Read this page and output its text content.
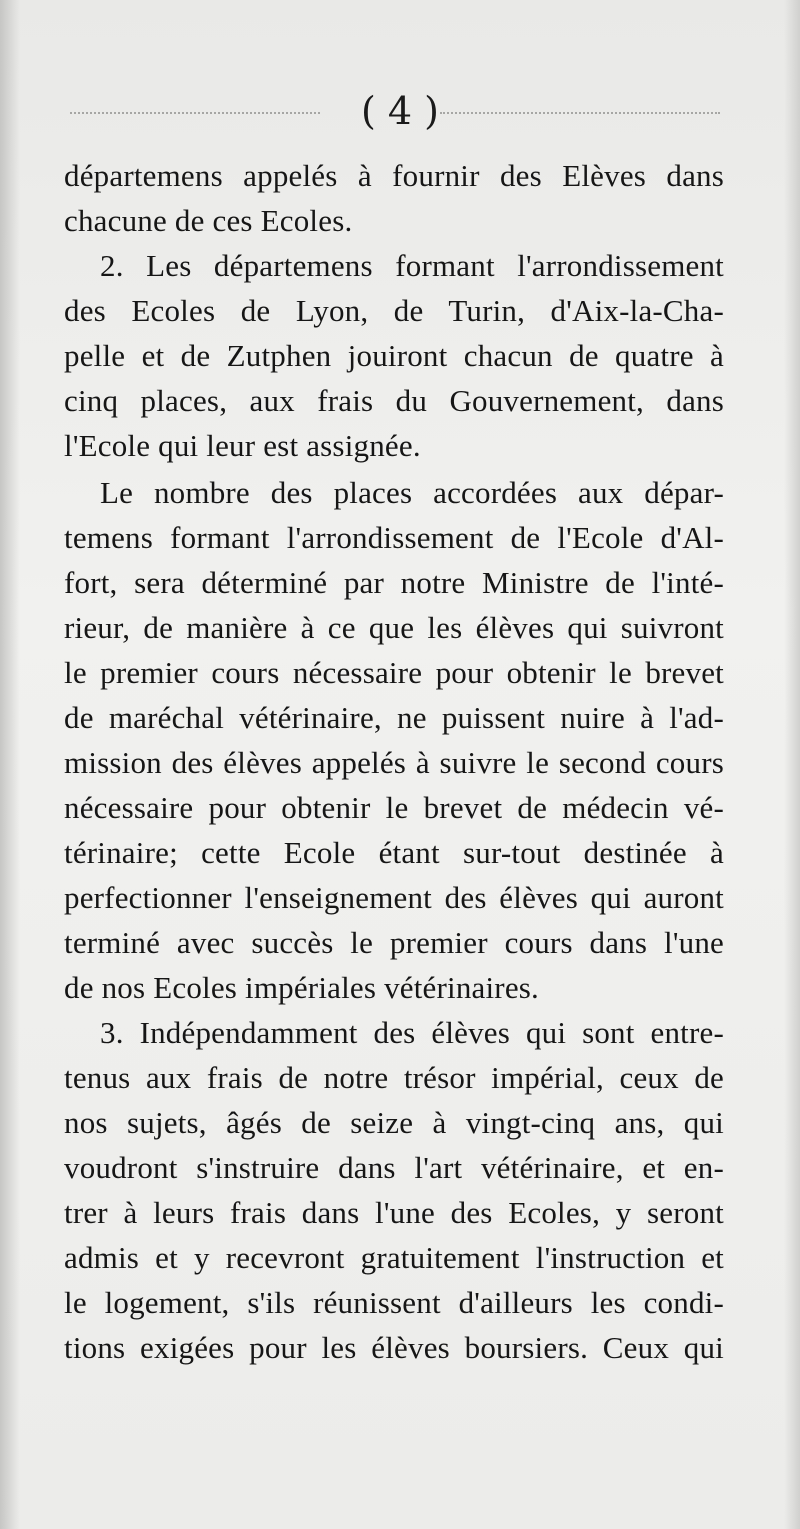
( 4 )
départemens appelés à fournir des Elèves dans
chacune de ces Ecoles.
2. Les départemens formant l'arrondissement
des Ecoles de Lyon, de Turin, d'Aix-la-Cha-
pelle et de Zutphen jouiront chacun de quatre à
cinq places, aux frais du Gouvernement, dans
l'Ecole qui leur est assignée.
Le nombre des places accordées aux dépar-
temens formant l'arrondissement de l'Ecole d'Al-
fort, sera déterminé par notre Ministre de l'inté-
rieur, de manière à ce que les élèves qui suivront
le premier cours nécessaire pour obtenir le brevet
de maréchal vétérinaire, ne puissent nuire à l'ad-
mission des élèves appelés à suivre le second cours
nécessaire pour obtenir le brevet de médecin vé-
térinaire; cette Ecole étant sur-tout destinée à
perfectionner l'enseignement des élèves qui auront
terminé avec succès le premier cours dans l'une
de nos Ecoles impériales vétérinaires.
3. Indépendamment des élèves qui sont entre-
tenus aux frais de notre trésor impérial, ceux de
nos sujets, âgés de seize à vingt-cinq ans, qui
voudront s'instruire dans l'art vétérinaire, et en-
trer à leurs frais dans l'une des Ecoles, y seront
admis et y recevront gratuitement l'instruction et
le logement, s'ils réunissent d'ailleurs les condi-
tions exigées pour les élèves boursiers. Ceux qui
